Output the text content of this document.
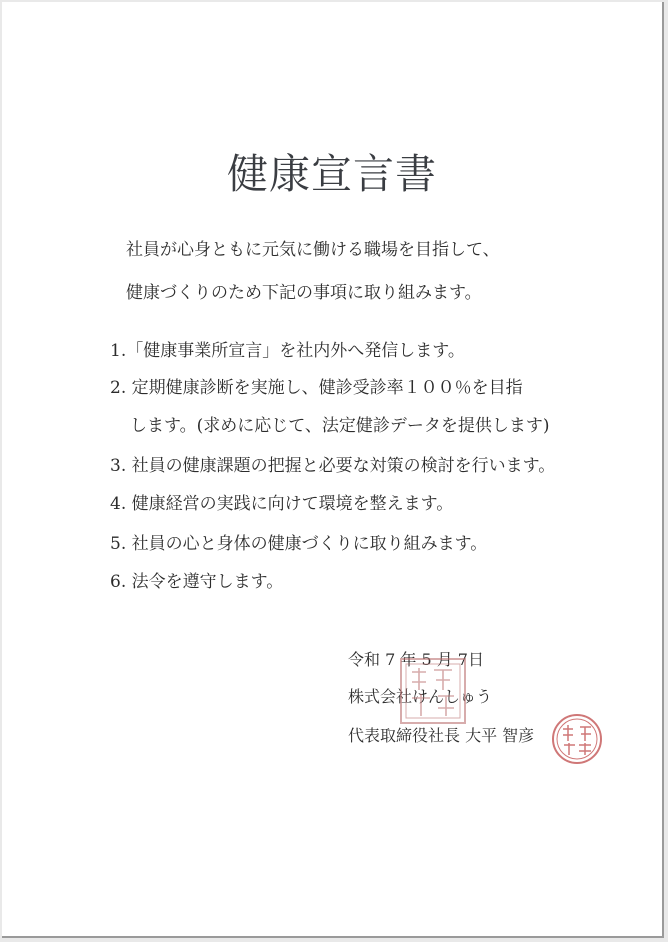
健康宣言書
社員が心身ともに元気に働ける職場を目指して、
健康づくりのため下記の事項に取り組みます。
1.「健康事業所宣言」を社内外へ発信します。
2. 定期健康診断を実施し、健診受診率１００％を目指
します。(求めに応じて、法定健診データを提供します)
3. 社員の健康課題の把握と必要な対策の検討を行います。
4. 健康経営の実践に向けて環境を整えます。
5. 社員の心と身体の健康づくりに取り組みます。
6. 法令を遵守します。
令和 7 年 5 月 7日
株式会社けんしゅう
代表取締役社長 大平 智彦
